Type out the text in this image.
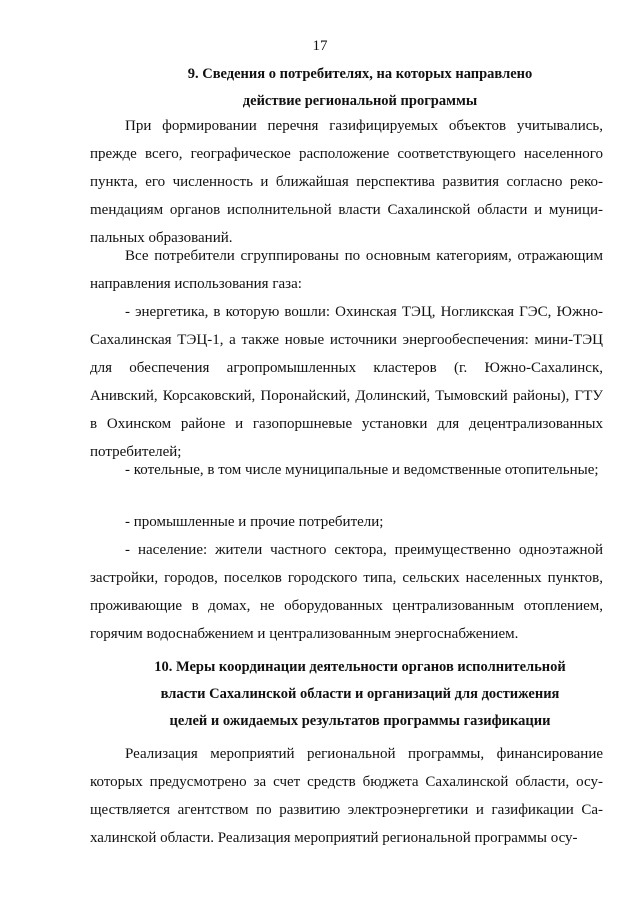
17
9. Сведения о потребителях, на которых направлено
действие региональной программы

При формировании перечня газифицируемых объектов учитывались, прежде всего, географическое расположение соответствующего населенного пункта, его численность и ближайшая перспектива развития согласно рекоmендациям органов исполнительной власти Сахалинской области и муниципальных образований.

Все потребители сгруппированы по основным категориям, отражающим направления использования газа:

- энергетика, в которую вошли: Охинская ТЭЦ, Ногликская ГЭС, Южно-Сахалинская ТЭЦ-1, а также новые источники энергообеспечения: мини-ТЭЦ для обеспечения агропромышленных кластеров (г. Южно-Сахалинск, Анивский, Корсаковский, Поронайский, Долинский, Тымовский районы), ГТУ в Охинском районе и газопоршневые установки для децентрализованных потребителей;

- котельные, в том числе муниципальные и ведомственные отопительные;

- промышленные и прочие потребители;

- население: жители частного сектора, преимущественно одноэтажной застройки, городов, поселков городского типа, сельских населенных пунктов, проживающие в домах, не оборудованных централизованным отоплением, горячим водоснабжением и централизованным энергоснабжением.

10. Меры координации деятельности органов исполнительной
власти Сахалинской области и организаций для достижения
целей и ожидаемых результатов программы газификации

Реализация мероприятий региональной программы, финансирование которых предусмотрено за счет средств бюджета Сахалинской области, осуществляется агентством по развитию электроэнергетики и газификации Сахалинской области. Реализация мероприятий региональной программы осу-
